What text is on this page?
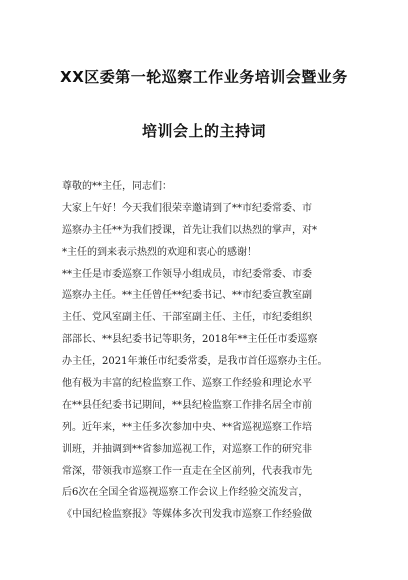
XX区委第一轮巡察工作业务培训会暨业务
培训会上的主持词
尊敬的**主任，同志们：
大家上午好！今天我们很荣幸邀请到了**市纪委常委、市
巡察办主任**为我们授课，首先让我们以热烈的掌声，对*
*主任的到来表示热烈的欢迎和衷心的感谢！
**主任是市委巡察工作领导小组成员，市纪委常委、市委
巡察办主任。**主任曾任**纪委书记、**市纪委宣教室副
主任、党风室副主任、干部室副主任、主任，市纪委组织
部部长、**县纪委书记等职务，2018年**主任任市委巡察
办主任，2021年兼任市纪委常委，是我市首任巡察办主任。
他有极为丰富的纪检监察工作、巡察工作经验和理论水平
在**县任纪委书记期间，**县纪检监察工作排名居全市前
列。近年来，**主任多次参加中央、**省巡视巡察工作培
训班，并抽调到**省参加巡视工作，对巡察工作的研究非
常深，带领我市巡察工作一直走在全区前列，代表我市先
后6次在全国全省巡视巡察工作会议上作经验交流发言，
《中国纪检监察报》等媒体多次刊发我市巡察工作经验做
